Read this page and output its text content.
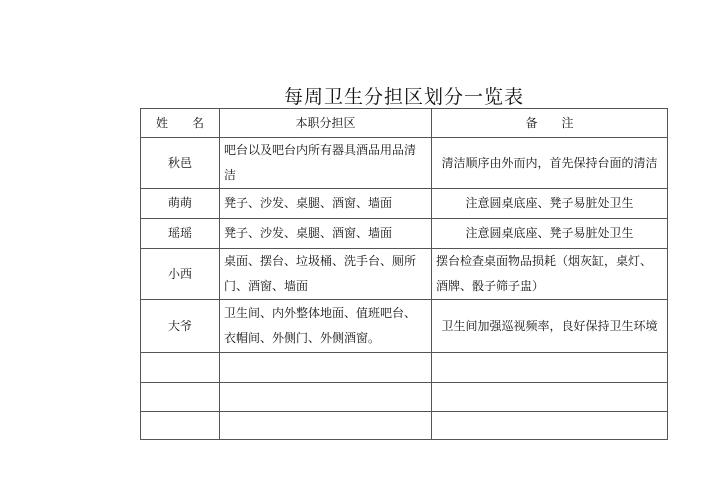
每周卫生分担区划分一览表
姓　　名	本职分担区	备　　注
秋邑	吧台以及吧台内所有器具酒品用品清洁	清洁顺序由外而内，首先保持台面的清洁
萌萌	凳子、沙发、桌腿、酒窗、墙面	注意圆桌底座、凳子易脏处卫生
瑶瑶	凳子、沙发、桌腿、酒窗、墙面	注意圆桌底座、凳子易脏处卫生
小西	桌面、摆台、垃圾桶、洗手台、厕所门、酒窗、墙面	摆台检查桌面物品损耗（烟灰缸，桌灯、酒牌、骰子筛子盅）
大爷	卫生间、内外整体地面、值班吧台、衣帽间、外侧门、外侧酒窗。	卫生间加强巡视频率，良好保持卫生环境
